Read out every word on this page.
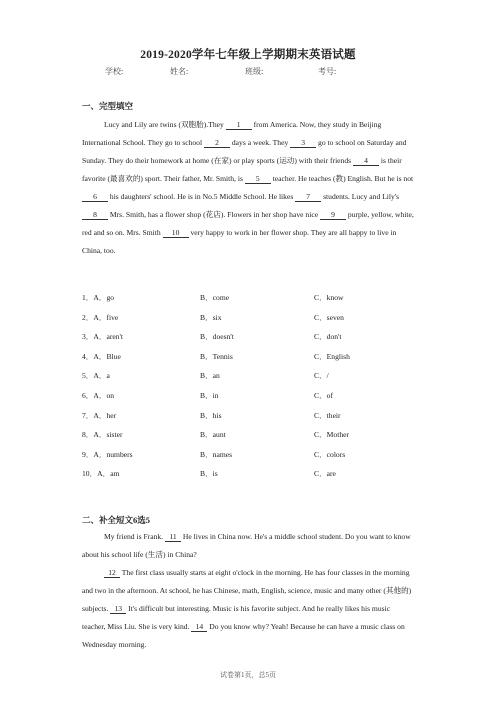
2019-2020学年七年级上学期期末英语试题
学校:	姓名:	班级:	考号:
一、完型填空
Lucy and Lily are twins (双胞胎).They 1 from America. Now, they study in Beijing International School. They go to school 2 days a week. They 3 go to school on Saturday and Sunday. They do their homework at home (在家) or play sports (运动) with their friends 4 is their favorite (最喜欢的) sport. Their father, Mr. Smith, is 5 teacher. He teaches (教) English. But he is not 6 his daughters' school. He is in No.5 Middle School. He likes 7 students. Lucy and Lily's 8 Mrs. Smith, has a flower shop (花店). Flowers in her shop have nice 9 purple, yellow, white, red and so on. Mrs. Smith 10 very happy to work in her flower shop. They are all happy to live in China, too.
1．A．go	B．come	C．know
2．A．five	B．six	C．seven
3．A．aren't	B．doesn't	C．don't
4．A．Blue	B．Tennis	C．English
5．A．a	B．an	C．/
6．A．on	B．in	C．of
7．A．her	B．his	C．their
8．A．sister	B．aunt	C．Mother
9．A．numbers	B．names	C．colors
10．A．am	B．is	C．are
二、补全短文6选5
My friend is Frank. 11 He lives in China now. He's a middle school student. Do you want to know about his school life (生活) in China?
12 The first class usually starts at eight o'clock in the morning. He has four classes in the morning and two in the afternoon. At school, he has Chinese, math, English, science, music and many other (其他的) subjects. 13 It's difficult but interesting. Music is his favorite subject. And he really likes his music teacher, Miss Liu. She is very kind. 14 Do you know why? Yeah! Because he can have a music class on Wednesday morning.
试卷第1页，总5页
